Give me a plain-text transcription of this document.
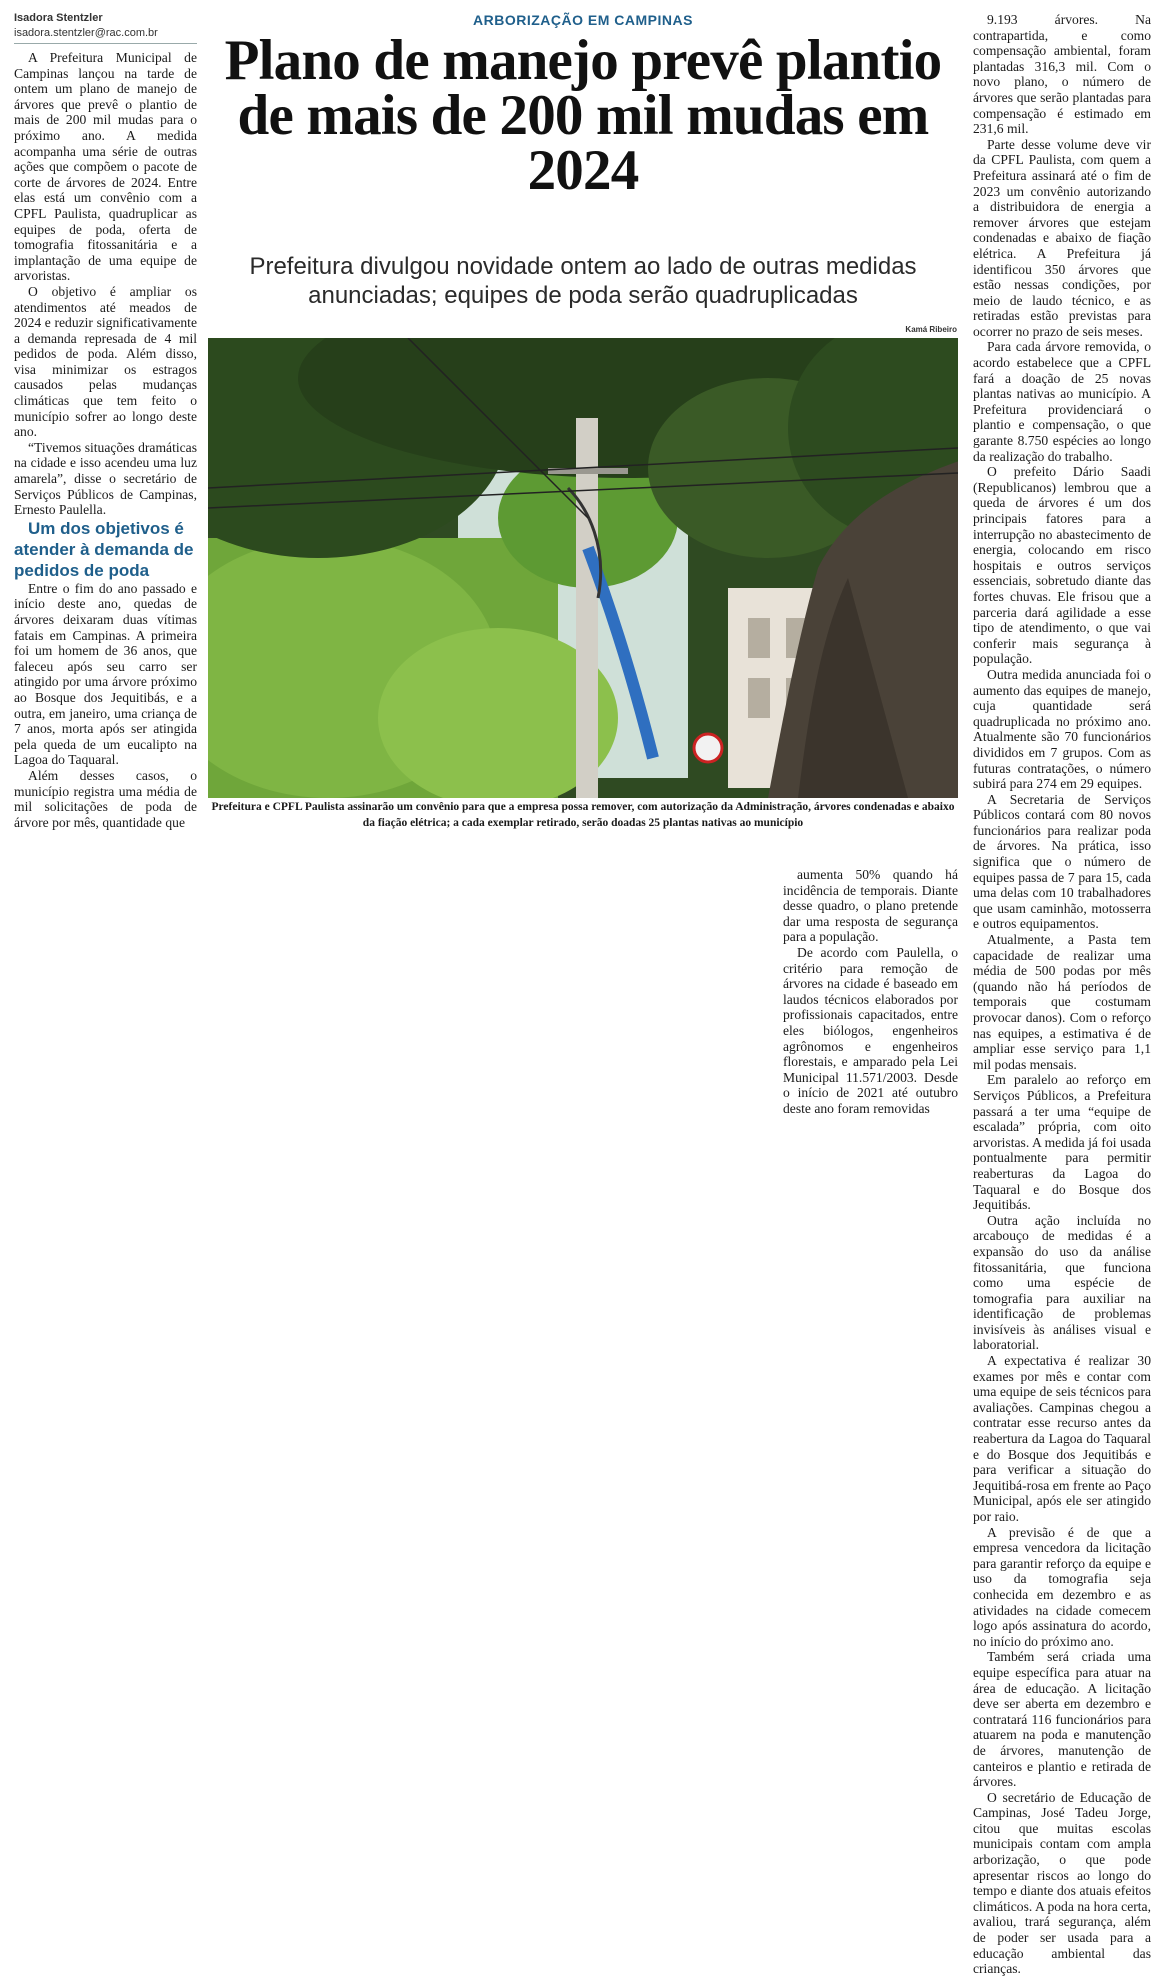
Isadora Stentzler
isadora.stentzler@rac.com.br

A Prefeitura Municipal de Campinas lançou na tarde de ontem um plano de manejo de árvores que prevê o plantio de mais de 200 mil mudas para o próximo ano. A medida acompanha uma série de outras ações que compõem o pacote de corte de árvores de 2024. Entre elas está um convênio com a CPFL Paulista, quadruplicar as equipes de poda, oferta de tomografia fitossanitária e a implantação de uma equipe de arvoristas.

O objetivo é ampliar os atendimentos até meados de 2024 e reduzir significativamente a demanda represada de 4 mil pedidos de poda. Além disso, visa minimizar os estragos causados pelas mudanças climáticas que tem feito o município sofrer ao longo deste ano.

“Tivemos situações dramáticas na cidade e isso acendeu uma luz amarela”, disse o secretário de Serviços Públicos de Campinas, Ernesto Paulella.

Um dos objetivos é atender à demanda de pedidos de poda

Entre o fim do ano passado e início deste ano, quedas de árvores deixaram duas vítimas fatais em Campinas. A primeira foi um homem de 36 anos, que faleceu após seu carro ser atingido por uma árvore próximo ao Bosque dos Jequitibás, e a outra, em janeiro, uma criança de 7 anos, morta após ser atingida pela queda de um eucalipto na Lagoa do Taquaral.

Além desses casos, o município registra uma média de mil solicitações de poda de árvore por mês, quantidade que

ARBORIZAÇÃO EM CAMPINAS
Plano de manejo prevê plantio de mais de 200 mil mudas em 2024
Prefeitura divulgou novidade ontem ao lado de outras medidas anunciadas; equipes de poda serão quadruplicadas
Kamá Ribeiro
Prefeitura e CPFL Paulista assinarão um convênio para que a empresa possa remover, com autorização da Administração, árvores condenadas e abaixo da fiação elétrica; a cada exemplar retirado, serão doadas 25 plantas nativas ao município

aumenta 50% quando há incidência de temporais. Diante desse quadro, o plano pretende dar uma resposta de segurança para a população.

De acordo com Paulella, o critério para remoção de árvores na cidade é baseado em laudos técnicos elaborados por profissionais capacitados, entre eles biólogos, engenheiros agrônomos e engenheiros florestais, e amparado pela Lei Municipal 11.571/2003. Desde o início de 2021 até outubro deste ano foram removidas

9.193 árvores. Na contrapartida, e como compensação ambiental, foram plantadas 316,3 mil. Com o novo plano, o número de árvores que serão plantadas para compensação é estimado em 231,6 mil.

Parte desse volume deve vir da CPFL Paulista, com quem a Prefeitura assinará até o fim de 2023 um convênio autorizando a distribuidora de energia a remover árvores que estejam condenadas e abaixo de fiação elétrica. A Prefeitura já identificou 350 árvores que estão nessas condições, por meio de laudo técnico, e as retiradas estão previstas para ocorrer no prazo de seis meses.

Para cada árvore removida, o acordo estabelece que a CPFL fará a doação de 25 novas plantas nativas ao município. A Prefeitura providenciará o plantio e compensação, o que garante 8.750 espécies ao longo da realização do trabalho.

O prefeito Dário Saadi (Republicanos) lembrou que a queda de árvores é um dos principais fatores para a interrupção no abastecimento de energia, colocando em risco hospitais e outros serviços essenciais, sobretudo diante das fortes chuvas. Ele frisou que a parceria dará agilidade a esse tipo de atendimento, o que vai conferir mais segurança à população.

Outra medida anunciada foi o aumento das equipes de manejo, cuja quantidade será quadruplicada no próximo ano. Atualmente são 70 funcionários divididos em 7 grupos. Com as futuras contratações, o número subirá para 274 em 29 equipes.

A Secretaria de Serviços Públicos contará com 80 novos funcionários para realizar poda de árvores. Na prática, isso significa que o número de equipes passa de 7 para 15, cada uma delas com 10 trabalhadores que usam caminhão, motosserra e outros equipamentos.

Atualmente, a Pasta tem capacidade de realizar uma média de 500 podas por mês (quando não há períodos de temporais que costumam provocar danos). Com o reforço nas equipes, a estimativa é de ampliar esse serviço para 1,1 mil podas mensais.

Em paralelo ao reforço em Serviços Públicos, a Prefeitura passará a ter uma “equipe de escalada” própria, com oito arvoristas. A medida já foi usada pontualmente para permitir reaberturas da Lagoa do Taquaral e do Bosque dos Jequitibás.

Outra ação incluída no arcabouço de medidas é a expansão do uso da análise fitossanitária, que funciona como uma espécie de tomografia para auxiliar na identificação de problemas invisíveis às análises visual e laboratorial.

A expectativa é realizar 30 exames por mês e contar com uma equipe de seis técnicos para avaliações. Campinas chegou a contratar esse recurso antes da reabertura da Lagoa do Taquaral e do Bosque dos Jequitibás e para verificar a situação do Jequitibá-rosa em frente ao Paço Municipal, após ele ser atingido por raio.

A previsão é de que a empresa vencedora da licitação para garantir reforço da equipe e uso da tomografia seja conhecida em dezembro e as atividades na cidade comecem logo após assinatura do acordo, no início do próximo ano.

Também será criada uma equipe específica para atuar na área de educação. A licitação deve ser aberta em dezembro e contratará 116 funcionários para atuarem na poda e manutenção de árvores, manutenção de canteiros e plantio e retirada de árvores.

O secretário de Educação de Campinas, José Tadeu Jorge, citou que muitas escolas municipais contam com ampla arborização, o que pode apresentar riscos ao longo do tempo e diante dos atuais efeitos climáticos. A poda na hora certa, avaliou, trará segurança, além de poder ser usada para a educação ambiental das crianças.
